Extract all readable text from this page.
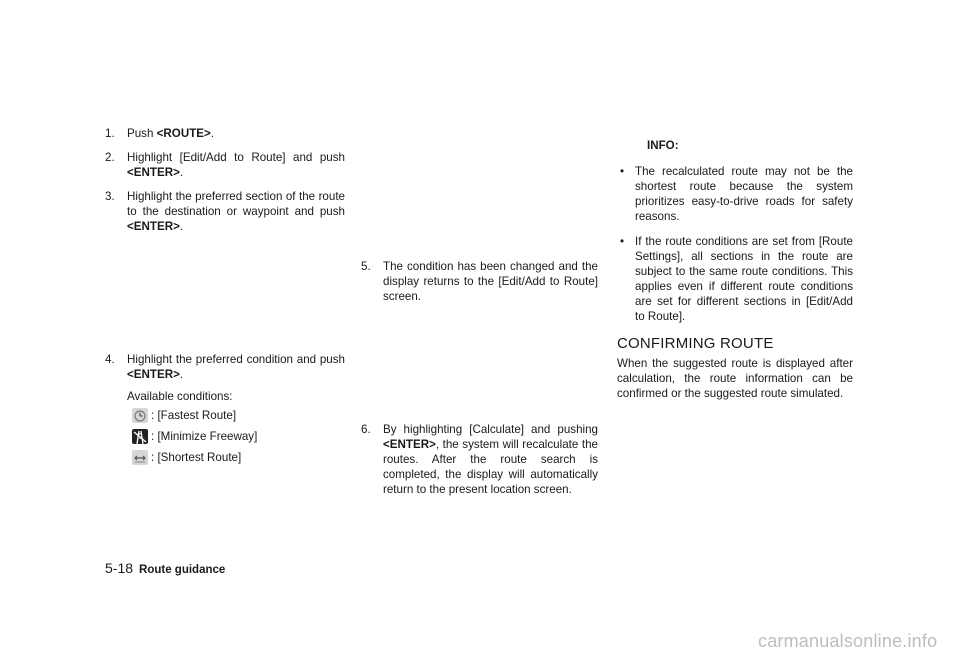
1. Push <ROUTE>.

2. Highlight [Edit/Add to Route] and push <ENTER>.

3. Highlight the preferred section of the route to the destination or waypoint and push <ENTER>.

4. Highlight the preferred condition and push <ENTER>.

Available conditions:
: [Fastest Route]
: [Minimize Freeway]
: [Shortest Route]

5. The condition has been changed and the display returns to the [Edit/Add to Route] screen.

6. By highlighting [Calculate] and pushing <ENTER>, the system will recalculate the routes. After the route search is completed, the display will automatically return to the present location screen.

INFO:

• The recalculated route may not be the shortest route because the system prioritizes easy-to-drive roads for safety reasons.

• If the route conditions are set from [Route Settings], all sections in the route are subject to the same route conditions. This applies even if different route conditions are set for different sections in [Edit/Add to Route].

CONFIRMING ROUTE

When the suggested route is displayed after calculation, the route information can be confirmed or the suggested route simulated.

5-18 Route guidance
carmanualsonline.info
